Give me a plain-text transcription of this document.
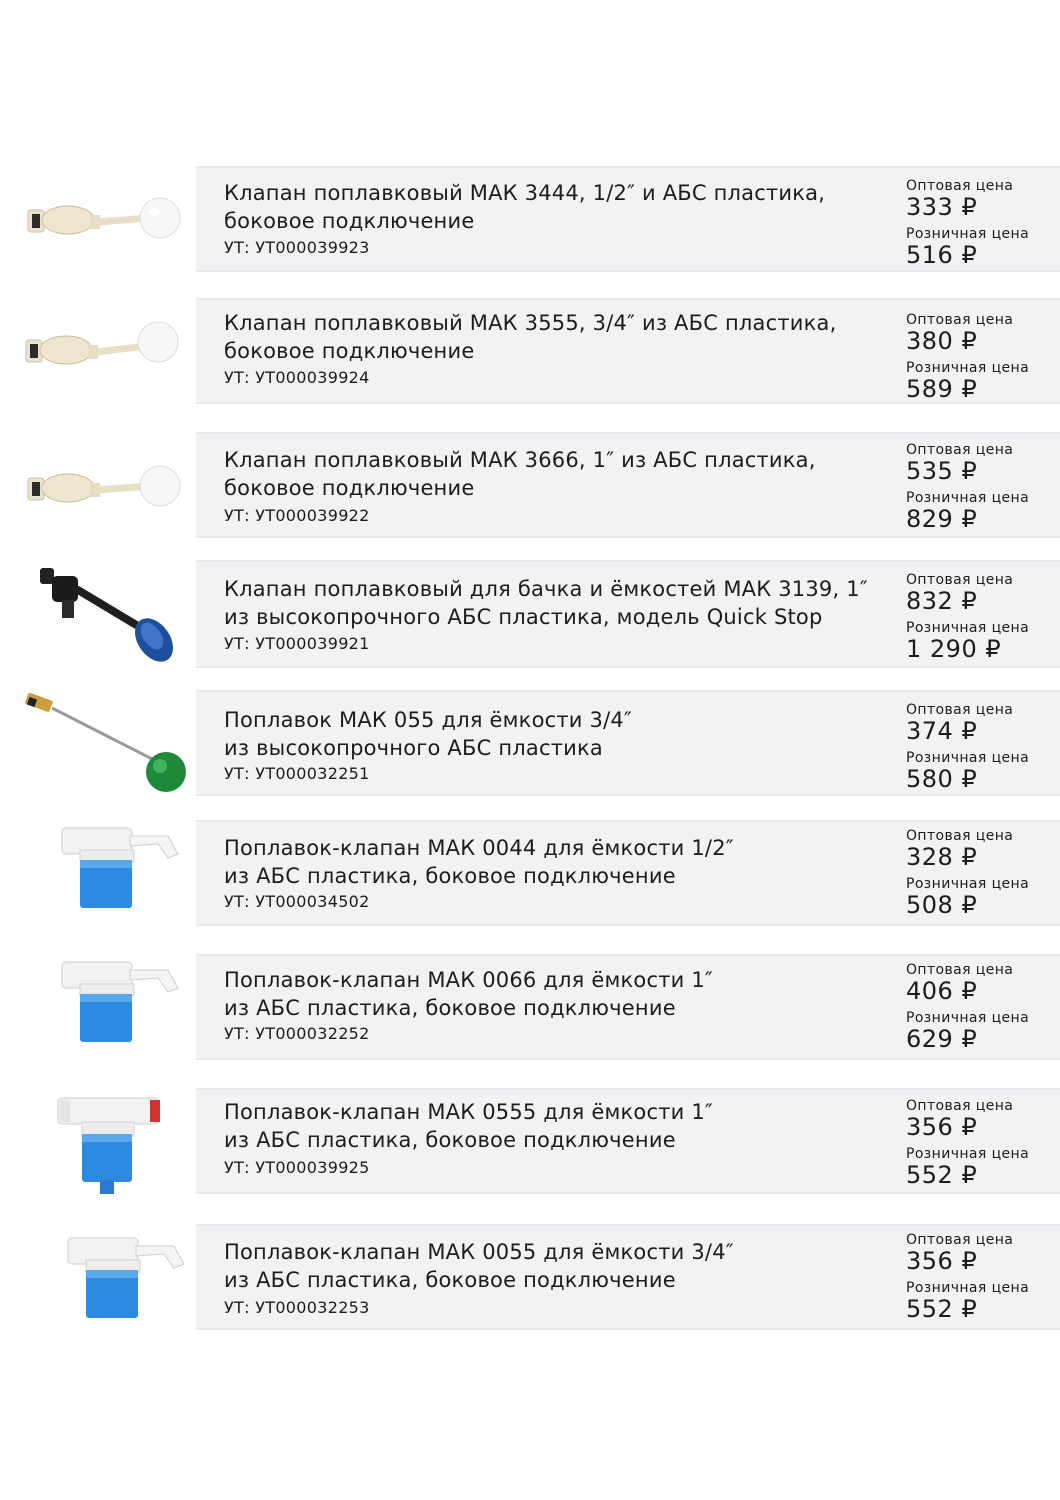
Клапан поплавковый МАК 3444, 1/2″ и АБС пластика,
боковое подключение
УТ: УТ000039923
Оптовая цена
333 ₽
Розничная цена
516 ₽
Клапан поплавковый МАК 3555, 3/4″ из АБС пластика,
боковое подключение
УТ: УТ000039924
Оптовая цена
380 ₽
Розничная цена
589 ₽
Клапан поплавковый МАК 3666, 1″ из АБС пластика,
боковое подключение
УТ: УТ000039922
Оптовая цена
535 ₽
Розничная цена
829 ₽
Клапан поплавковый для бачка и ёмкостей МАК 3139, 1″
из высокопрочного АБС пластика, модель Quick Stop
УТ: УТ000039921
Оптовая цена
832 ₽
Розничная цена
1 290 ₽
Поплавок МАК 055 для ёмкости 3/4″
из высокопрочного АБС пластика
УТ: УТ000032251
Оптовая цена
374 ₽
Розничная цена
580 ₽
Поплавок-клапан МАК 0044 для ёмкости 1/2″
из АБС пластика, боковое подключение
УТ: УТ000034502
Оптовая цена
328 ₽
Розничная цена
508 ₽
Поплавок-клапан МАК 0066 для ёмкости 1″
из АБС пластика, боковое подключение
УТ: УТ000032252
Оптовая цена
406 ₽
Розничная цена
629 ₽
Поплавок-клапан МАК 0555 для ёмкости 1″
из АБС пластика, боковое подключение
УТ: УТ000039925
Оптовая цена
356 ₽
Розничная цена
552 ₽
Поплавок-клапан МАК 0055 для ёмкости 3/4″
из АБС пластика, боковое подключение
УТ: УТ000032253
Оптовая цена
356 ₽
Розничная цена
552 ₽
